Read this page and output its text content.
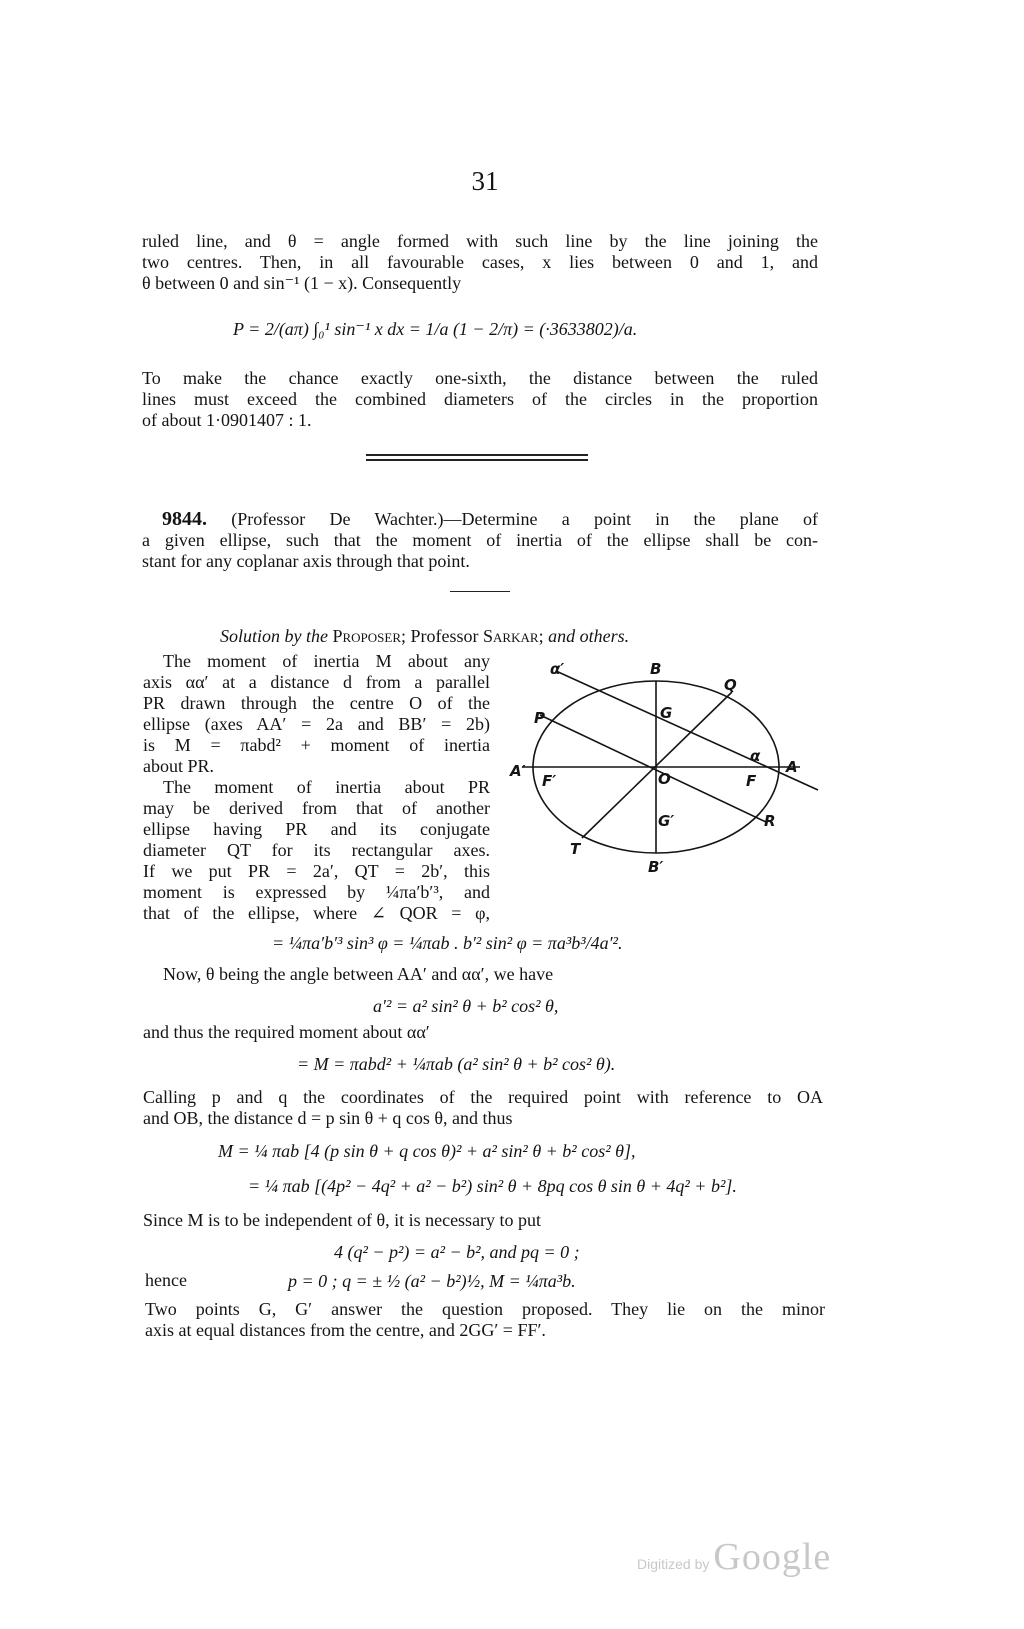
31
ruled line, and θ = angle formed with such line by the line joining the
two centres. Then, in all favourable cases, x lies between 0 and 1, and
θ between 0 and sin⁻¹ (1 − x). Consequently
P = 2/(aπ) ∫₀¹ sin⁻¹ x dx = 1/a (1 − 2/π) = (·3633802)/a.
To make the chance exactly one-sixth, the distance between the ruled
lines must exceed the combined diameters of the circles in the proportion
of about 1·0901407 : 1.
9844. (Professor De Wachter.)—Determine a point in the plane of
a given ellipse, such that the moment of inertia of the ellipse shall be con-
stant for any coplanar axis through that point.
Solution by the Proposer; Professor Sarkar; and others.
The moment of inertia M about any
axis αα′ at a distance d from a parallel
PR drawn through the centre O of the
ellipse (axes AA′ = 2a and BB′ = 2b)
is M = πabd² + moment of inertia
about PR.
The moment of inertia about PR
may be derived from that of another
ellipse having PR and its conjugate
diameter QT for its rectangular axes.
If we put PR = 2a′, QT = 2b′, this
moment is expressed by ¼πa′b′³, and
that of the ellipse, where ∠ QOR = φ,
α′	B
Q
P	G
α
A′
F′	O	F
A
G′	R
T
B′
= ¼πa′b′³ sin³ φ = ¼πab . b′² sin² φ = πa³b³/4a′².
Now, θ being the angle between AA′ and αα′, we have
a′² = a² sin² θ + b² cos² θ,
and thus the required moment about αα′
= M = πabd² + ¼πab (a² sin² θ + b² cos² θ).
Calling p and q the coordinates of the required point with reference to OA
and OB, the distance d = p sin θ + q cos θ, and thus
M = ¼ πab [4 (p sin θ + q cos θ)² + a² sin² θ + b² cos² θ],
= ¼ πab [(4p² − 4q² + a² − b²) sin² θ + 8pq cos θ sin θ + 4q² + b²].
Since M is to be independent of θ, it is necessary to put
4 (q² − p²) = a² − b², and pq = 0 ;
hence	p = 0 ; q = ± ½ (a² − b²)½, M = ¼πa³b.
Two points G, G′ answer the question proposed. They lie on the minor
axis at equal distances from the centre, and 2GG′ = FF′.
Digitized by Google
